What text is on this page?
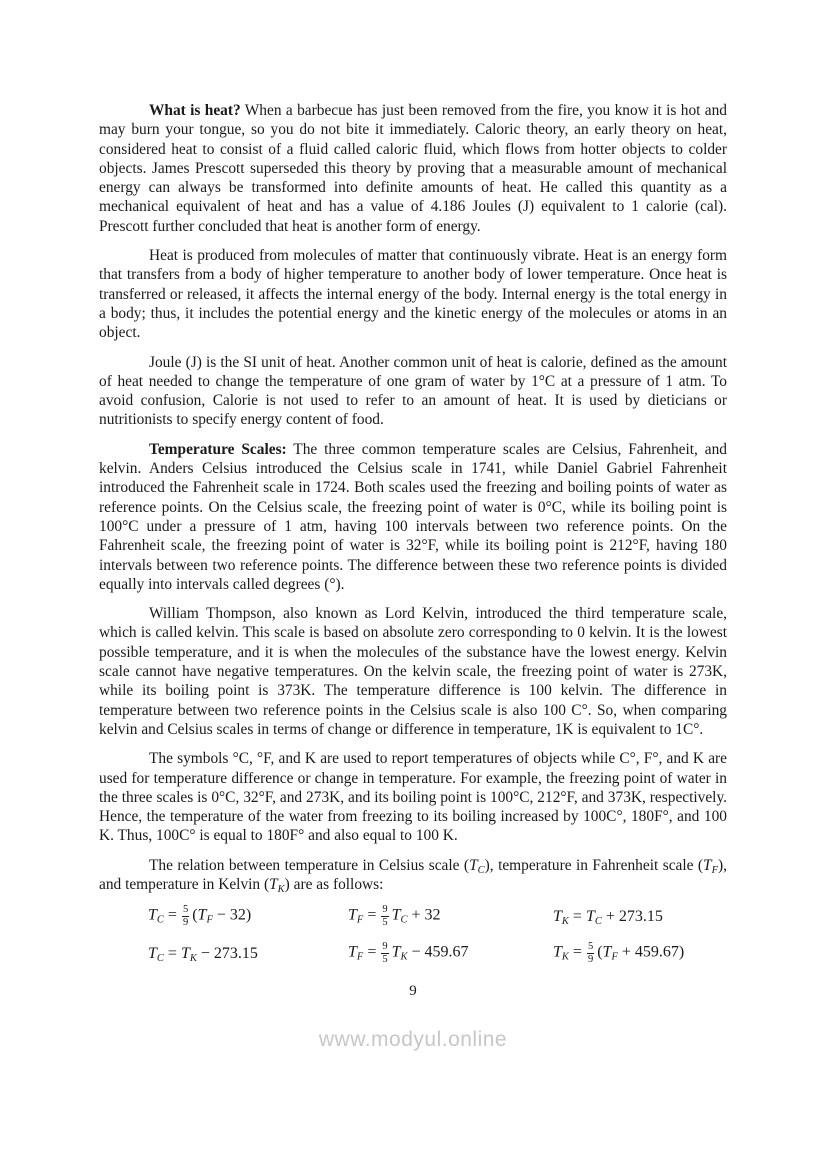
What is heat? When a barbecue has just been removed from the fire, you know it is hot and may burn your tongue, so you do not bite it immediately. Caloric theory, an early theory on heat, considered heat to consist of a fluid called caloric fluid, which flows from hotter objects to colder objects. James Prescott superseded this theory by proving that a measurable amount of mechanical energy can always be transformed into definite amounts of heat. He called this quantity as a mechanical equivalent of heat and has a value of 4.186 Joules (J) equivalent to 1 calorie (cal). Prescott further concluded that heat is another form of energy.

Heat is produced from molecules of matter that continuously vibrate. Heat is an energy form that transfers from a body of higher temperature to another body of lower temperature. Once heat is transferred or released, it affects the internal energy of the body. Internal energy is the total energy in a body; thus, it includes the potential energy and the kinetic energy of the molecules or atoms in an object.

Joule (J) is the SI unit of heat. Another common unit of heat is calorie, defined as the amount of heat needed to change the temperature of one gram of water by 1°C at a pressure of 1 atm. To avoid confusion, Calorie is not used to refer to an amount of heat. It is used by dieticians or nutritionists to specify energy content of food.

Temperature Scales: The three common temperature scales are Celsius, Fahrenheit, and kelvin. Anders Celsius introduced the Celsius scale in 1741, while Daniel Gabriel Fahrenheit introduced the Fahrenheit scale in 1724. Both scales used the freezing and boiling points of water as reference points. On the Celsius scale, the freezing point of water is 0°C, while its boiling point is 100°C under a pressure of 1 atm, having 100 intervals between two reference points. On the Fahrenheit scale, the freezing point of water is 32°F, while its boiling point is 212°F, having 180 intervals between two reference points. The difference between these two reference points is divided equally into intervals called degrees (°).

William Thompson, also known as Lord Kelvin, introduced the third temperature scale, which is called kelvin. This scale is based on absolute zero corresponding to 0 kelvin. It is the lowest possible temperature, and it is when the molecules of the substance have the lowest energy. Kelvin scale cannot have negative temperatures. On the kelvin scale, the freezing point of water is 273K, while its boiling point is 373K. The temperature difference is 100 kelvin. The difference in temperature between two reference points in the Celsius scale is also 100 C°. So, when comparing kelvin and Celsius scales in terms of change or difference in temperature, 1K is equivalent to 1C°.

The symbols °C, °F, and K are used to report temperatures of objects while C°, F°, and K are used for temperature difference or change in temperature. For example, the freezing point of water in the three scales is 0°C, 32°F, and 273K, and its boiling point is 100°C, 212°F, and 373K, respectively. Hence, the temperature of the water from freezing to its boiling increased by 100C°, 180F°, and 100 K. Thus, 100C° is equal to 180F° and also equal to 100 K.

The relation between temperature in Celsius scale $(T_C)$, temperature in Fahrenheit scale $(T_F)$, and temperature in Kelvin $(T_K)$ are as follows:

$T_C = \frac{5}{9} (T_F - 32)$	$T_F = \frac{9}{5} T_C + 32$	$T_K = T_C + 273.15$
$T_C = T_K - 273.15$	$T_F = \frac{9}{5} T_K - 459.67$	$T_K = \frac{5}{9} (T_F + 459.67)$
9
www.modyul.online
